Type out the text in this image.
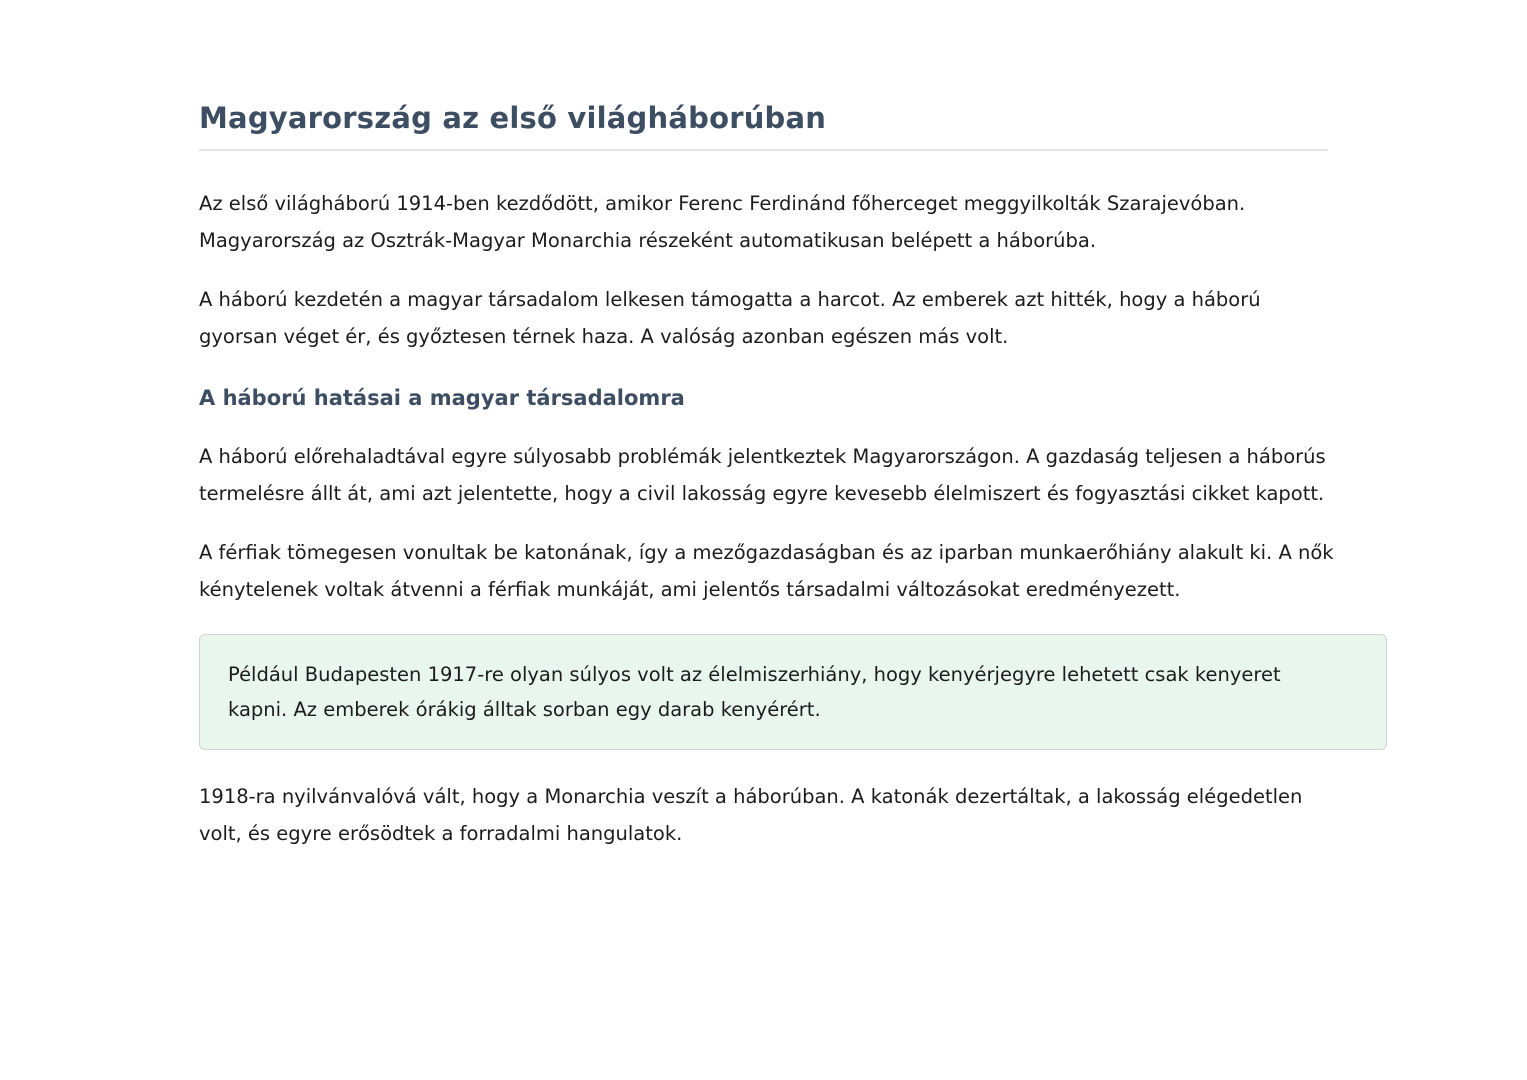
Magyarország az első világháborúban

Az első világháború 1914-ben kezdődött, amikor Ferenc Ferdinánd főherceget meggyilkolták Szarajevóban. Magyarország az Osztrák-Magyar Monarchia részeként automatikusan belépett a háborúba.

A háború kezdetén a magyar társadalom lelkesen támogatta a harcot. Az emberek azt hitték, hogy a háború gyorsan véget ér, és győztesen térnek haza. A valóság azonban egészen más volt.

A háború hatásai a magyar társadalomra

A háború előrehaladtával egyre súlyosabb problémák jelentkeztek Magyarországon. A gazdaság teljesen a háborús termelésre állt át, ami azt jelentette, hogy a civil lakosság egyre kevesebb élelmiszert és fogyasztási cikket kapott.

A férfiak tömegesen vonultak be katonának, így a mezőgazdaságban és az iparban munkaerőhiány alakult ki. A nők kénytelenek voltak átvenni a férfiak munkáját, ami jelentős társadalmi változásokat eredményezett.

Például Budapesten 1917-re olyan súlyos volt az élelmiszerhiány, hogy kenyérjegyre lehetett csak kenyeret kapni. Az emberek órákig álltak sorban egy darab kenyérért.

1918-ra nyilvánvalóvá vált, hogy a Monarchia veszít a háborúban. A katonák dezertáltak, a lakosság elégedetlen volt, és egyre erősödtek a forradalmi hangulatok.
